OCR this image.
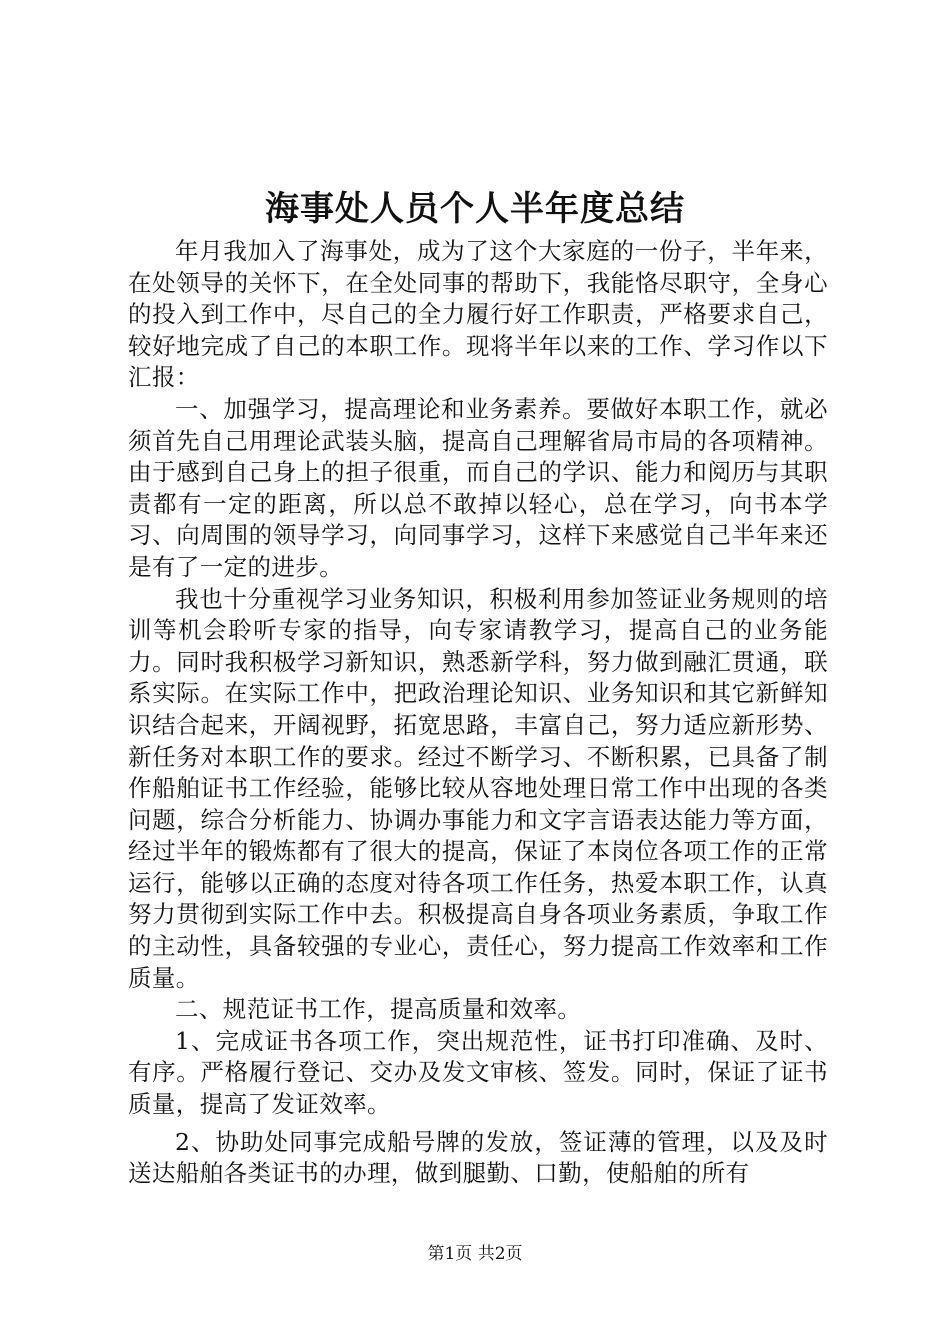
海事处人员个人半年度总结

年月我加入了海事处，成为了这个大家庭的一份子，半年来，在处领导的关怀下，在全处同事的帮助下，我能恪尽职守，全身心的投入到工作中，尽自己的全力履行好工作职责，严格要求自己，较好地完成了自己的本职工作。现将半年以来的工作、学习作以下汇报：

一、加强学习，提高理论和业务素养。要做好本职工作，就必须首先自己用理论武装头脑，提高自己理解省局市局的各项精神。由于感到自己身上的担子很重，而自己的学识、能力和阅历与其职责都有一定的距离，所以总不敢掉以轻心，总在学习，向书本学习、向周围的领导学习，向同事学习，这样下来感觉自己半年来还是有了一定的进步。

我也十分重视学习业务知识，积极利用参加签证业务规则的培训等机会聆听专家的指导，向专家请教学习，提高自己的业务能力。同时我积极学习新知识，熟悉新学科，努力做到融汇贯通，联系实际。在实际工作中，把政治理论知识、业务知识和其它新鲜知识结合起来，开阔视野，拓宽思路，丰富自己，努力适应新形势、新任务对本职工作的要求。经过不断学习、不断积累，已具备了制作船舶证书工作经验，能够比较从容地处理日常工作中出现的各类问题，综合分析能力、协调办事能力和文字言语表达能力等方面，经过半年的锻炼都有了很大的提高，保证了本岗位各项工作的正常运行，能够以正确的态度对待各项工作任务，热爱本职工作，认真努力贯彻到实际工作中去。积极提高自身各项业务素质，争取工作的主动性，具备较强的专业心，责任心，努力提高工作效率和工作质量。

二、规范证书工作，提高质量和效率。

1、完成证书各项工作，突出规范性，证书打印准确、及时、有序。严格履行登记、交办及发文审核、签发。同时，保证了证书质量，提高了发证效率。

2、协助处同事完成船号牌的发放，签证薄的管理，以及及时送达船舶各类证书的办理，做到腿勤、口勤，使船舶的所有

第1页 共2页
